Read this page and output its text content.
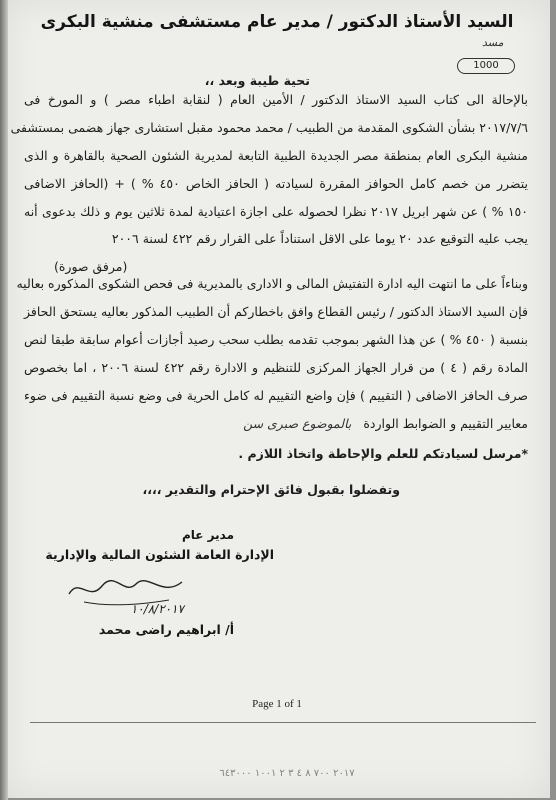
السيد الأستاذ الدكتور / مدير عام مستشفى منشية البكرى
مسد
1000
تحية طيبة وبعد ،،
بالإحالة الى كتاب السيد الاستاذ الدكتور / الأمين العام ( لنقابة اطباء مصر ) و المورخ فى
٢٠١٧/٧/٦ بشأن الشكوى المقدمة من الطبيب / محمد محمود مقبل استشارى جهاز هضمى بمستشفى
منشية البكرى العام بمنطقة مصر الجديدة الطبية التابعة لمديرية الشئون الصحية بالقاهرة و الذى
يتضرر من خصم كامل الحوافز المقررة لسيادته ( الحافز الخاص ٤٥٠ % ) + (الحافز الاضافى
١٥٠ % ) عن شهر ابريل ٢٠١٧ نظرا لحصوله على اجازة اعتيادية لمدة ثلاثين يوم و ذلك بدعوى أنه
يجب عليه التوقيع عدد ٢٠ يوما على الاقل استناداً على القرار رقم ٤٢٢ لسنة ٢٠٠٦
(مرفق صورة)
وبناءاً على ما انتهت اليه ادارة التفتيش المالى و الادارى بالمديرية فى فحص الشكوى المذكوره بعاليه
فإن السيد الاستاذ الدكتور / رئيس القطاع وافق باخطاركم أن الطبيب المذكور بعاليه يستحق الحافز
بنسبة ( ٤٥٠ % ) عن هذا الشهر بموجب تقدمه بطلب سحب رصيد أجازات أعوام سابقة طبقا لنص
المادة رقم ( ٤ ) من قرار الجهاز المركزى للتنظيم و الادارة رقم ٤٢٢ لسنة ٢٠٠٦ ، اما بخصوص
صرف الحافز الاضافى ( التقييم ) فإن واضع التقييم له كامل الحرية فى وضع نسبة التقييم فى ضوء
معايير التقييم و الضوابط الواردة بالموضوع صبرى سن
*مرسل لسيادتكم للعلم والإحاطة واتخاذ اللازم .
وتفضلوا بقبول فائق الإحترام والتقدير ،،،،
مدير عام
الإدارة العامة الشئون المالية والإدارية
١٠/٨/٢٠١٧
أ/ ابراهيم راضى محمد
Page 1 of 1
٢٠١٧ ٧٠٠ ٨ ٤ ٣ ٢ ١٠٠١ ٦٤٣٠٠٠
